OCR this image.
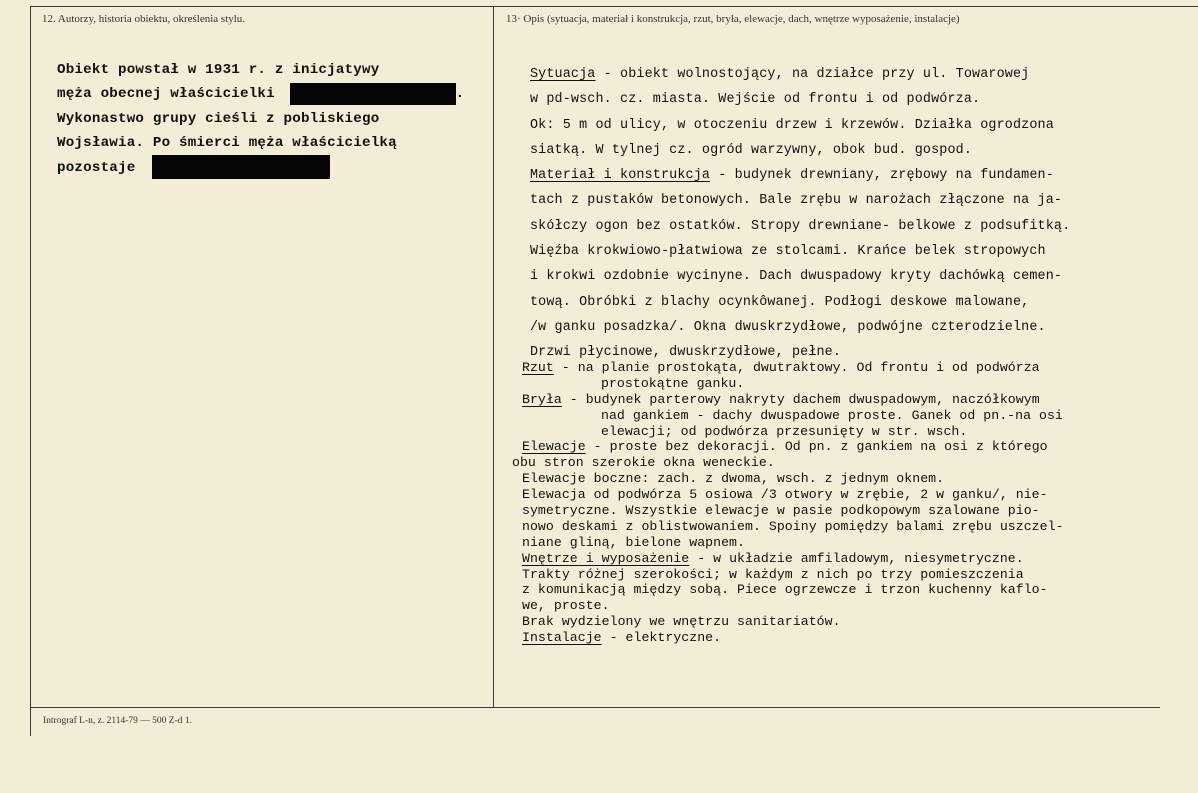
12. Autorzy, historia obiektu, określenia stylu.	13· Opis (sytuacja, materiał i konstrukcja, rzut, bryła, elewacje, dach, wnętrze wyposażenie, instalacje)
Obiekt powstał w 1931 r. z inicjatywy
męża obecnej właścicielki	.
Wykonastwo grupy cieśli z pobliskiego
Wojsławia. Po śmierci męża właścicielką
pozostaje
Sytuacja - obiekt wolnostojący, na działce przy ul. Towarowej
w pd-wsch. cz. miasta. Wejście od frontu i od podwórza.
Ok: 5 m od ulicy, w otoczeniu drzew i krzewów. Działka ogrodzona
siatką. W tylnej cz. ogród warzywny, obok bud. gospod.
Materiał i konstrukcja - budynek drewniany, zrębowy na fundamen-
tach z pustaków betonowych. Bale zrębu w narożach złączone na ja-
skółczy ogon bez ostatków. Stropy drewniane- belkowe z podsufitką.
Więźba krokwiowo-płatwiowa ze stolcami. Krańce belek stropowych
i krokwi ozdobnie wycinyne. Dach dwuspadowy kryty dachówką cemen-
tową. Obróbki z blachy ocynkôwanej. Podłogi deskowe malowane,
/w ganku posadzka/. Okna dwuskrzydłowe, podwójne czterodzielne.
Drzwi płycinowe, dwuskrzydłowe, pełne.
Rzut - na planie prostokąta, dwutraktowy. Od frontu i od podwórza
prostokątne ganku.
Bryła - budynek parterowy nakryty dachem dwuspadowym, naczółkowym
nad gankiem - dachy dwuspadowe proste. Ganek od pn.-na osi
elewacji; od podwórza przesunięty w str. wsch.
Elewacje - proste bez dekoracji. Od pn. z gankiem na osi z którego
obu stron szerokie okna weneckie.
Elewacje boczne: zach. z dwoma, wsch. z jednym oknem.
Elewacja od podwórza 5 osiowa /3 otwory w zrębie, 2 w ganku/, nie-
symetryczne. Wszystkie elewacje w pasie podkopowym szalowane pio-
nowo deskami z oblistwowaniem. Spoiny pomiędzy balami zrębu uszczel-
niane gliną, bielone wapnem.
Wnętrze i wyposażenie - w układzie amfiladowym, niesymetryczne.
Trakty różnej szerokości; w każdym z nich po trzy pomieszczenia
z komunikacją między sobą. Piece ogrzewcze i trzon kuchenny kaflo-
we, proste.
Brak wydzielony we wnętrzu sanitariatów.
Instalacje - elektryczne.
Intrograf L-n, z. 2114-79 — 500 Z-d 1.
